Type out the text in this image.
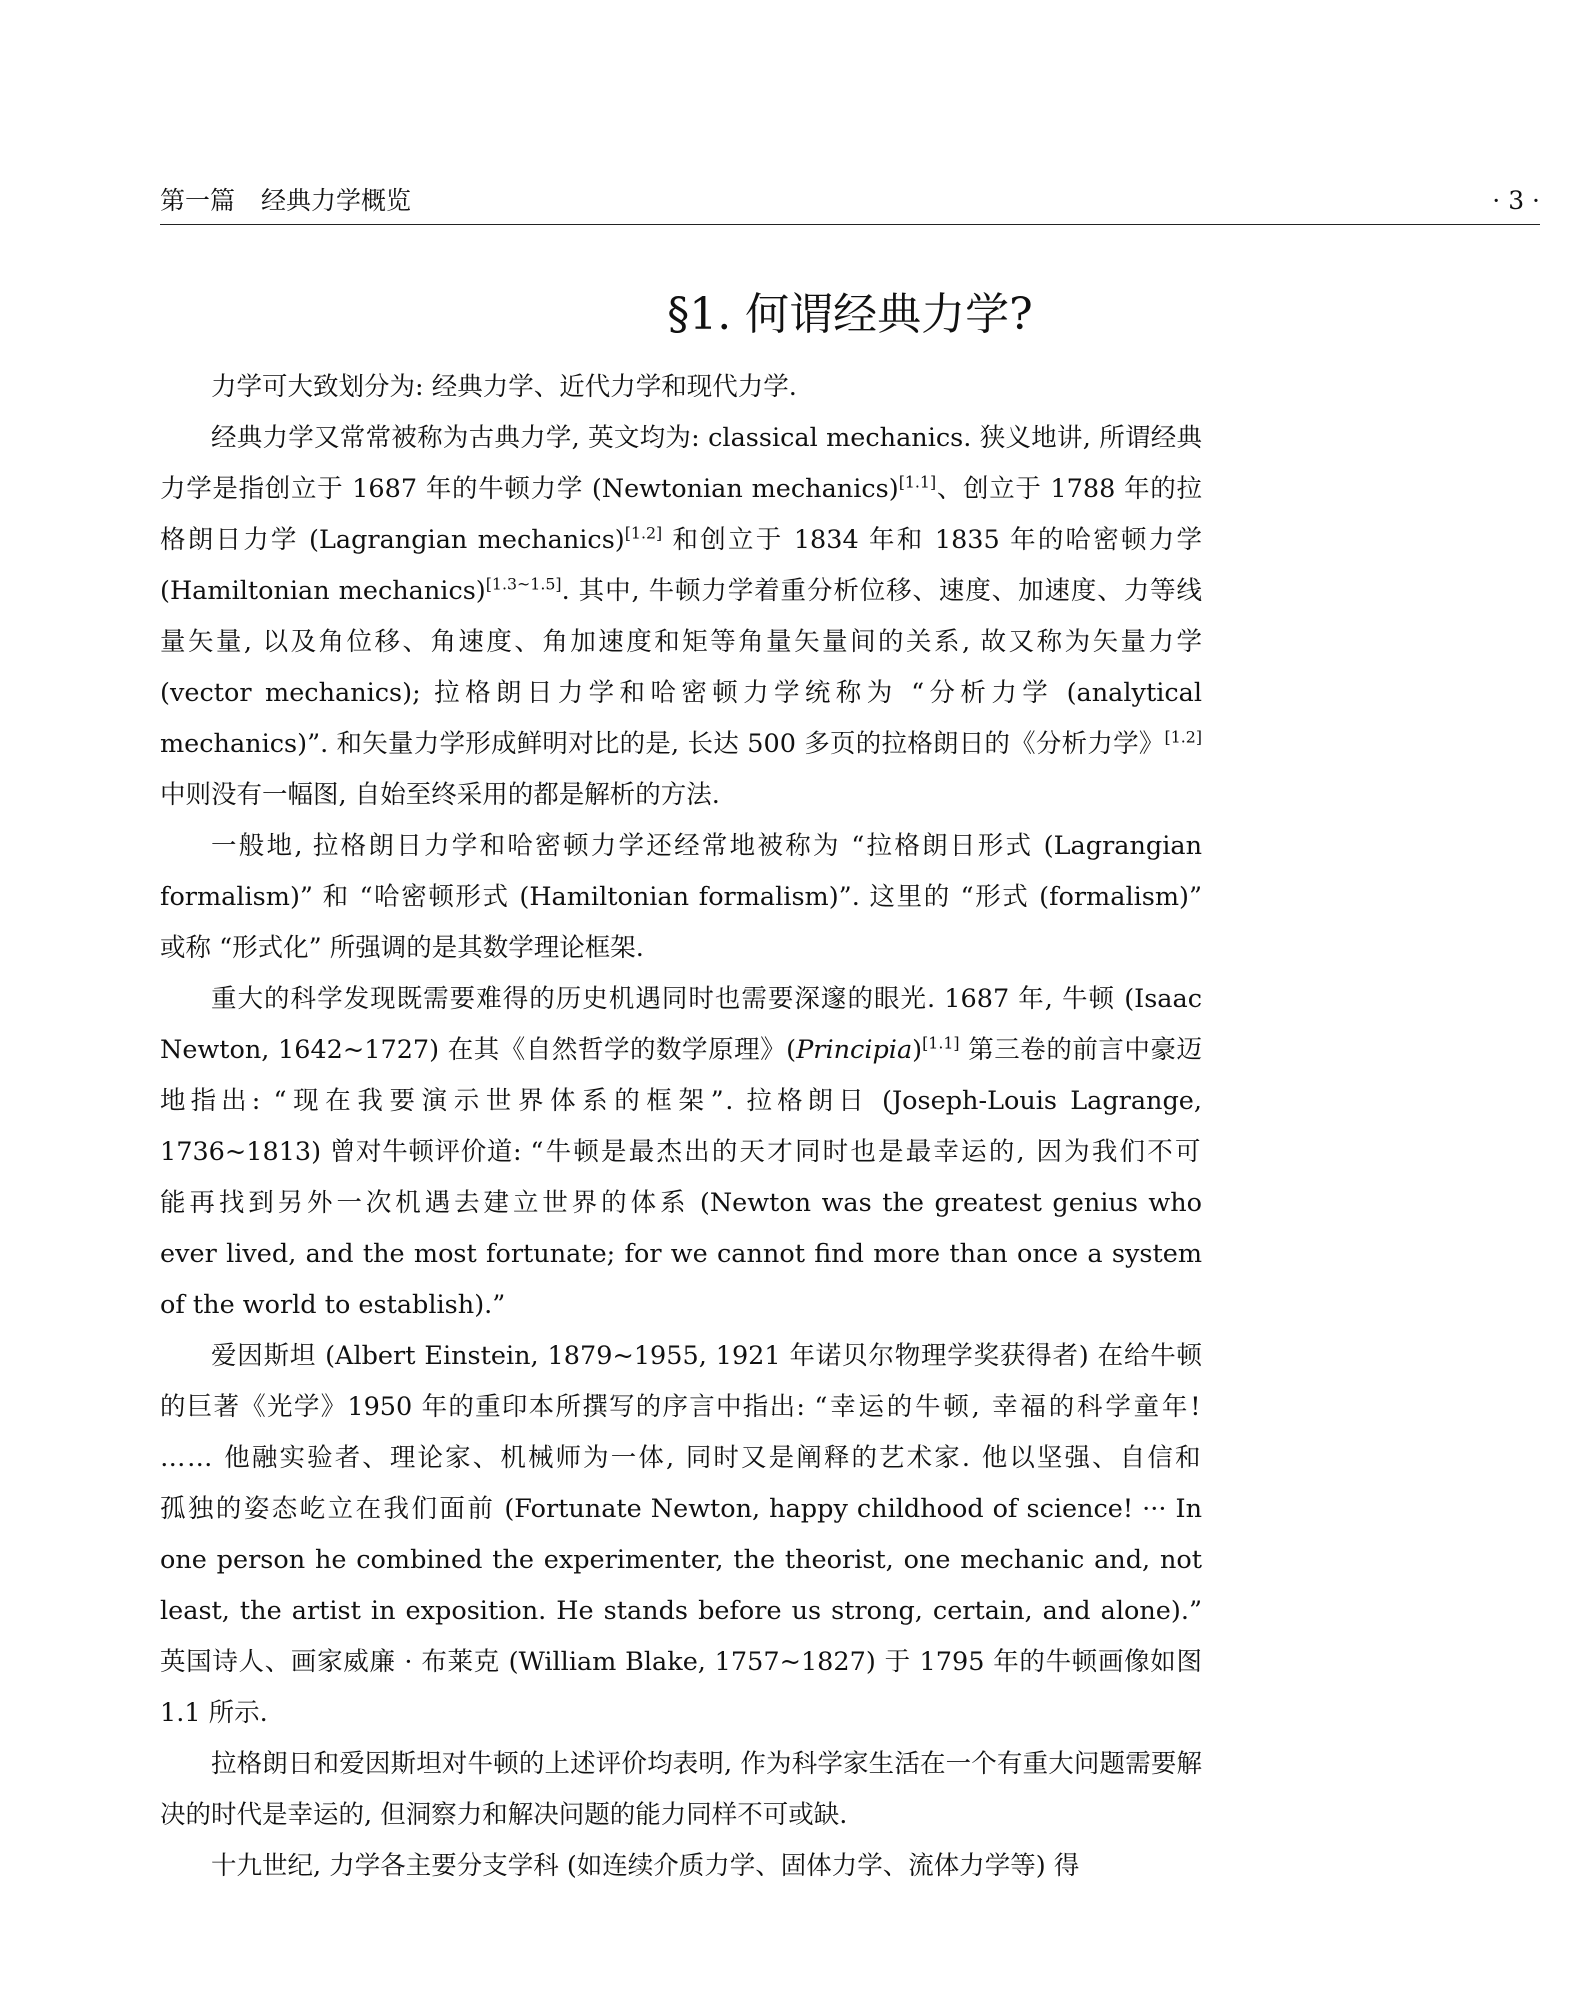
第一篇 经典力学概览	· 3 ·
§1. 何谓经典力学?

力学可大致划分为: 经典力学、近代力学和现代力学.

经典力学又常常被称为古典力学, 英文均为: classical mechanics. 狭义地讲, 所谓经典力学是指创立于 1687 年的牛顿力学 (Newtonian mechanics)[1.1]、创立于 1788 年的拉格朗日力学 (Lagrangian mechanics)[1.2] 和创立于 1834 年和 1835 年的哈密顿力学 (Hamiltonian mechanics)[1.3~1.5]. 其中, 牛顿力学着重分析位移、速度、加速度、力等线量矢量, 以及角位移、角速度、角加速度和矩等角量矢量间的关系, 故又称为矢量力学 (vector mechanics); 拉格朗日力学和哈密顿力学统称为 “分析力学 (analytical mechanics)”. 和矢量力学形成鲜明对比的是, 长达 500 多页的拉格朗日的《分析力学》[1.2] 中则没有一幅图, 自始至终采用的都是解析的方法.

一般地, 拉格朗日力学和哈密顿力学还经常地被称为 “拉格朗日形式 (Lagrangian formalism)” 和 “哈密顿形式 (Hamiltonian formalism)”. 这里的 “形式 (formalism)” 或称 “形式化” 所强调的是其数学理论框架.

重大的科学发现既需要难得的历史机遇同时也需要深邃的眼光. 1687 年, 牛顿 (Isaac Newton, 1642~1727) 在其《自然哲学的数学原理》(Principia)[1.1] 第三卷的前言中豪迈地指出: “现在我要演示世界体系的框架”. 拉格朗日 (Joseph-Louis Lagrange, 1736~1813) 曾对牛顿评价道: “牛顿是最杰出的天才同时也是最幸运的, 因为我们不可能再找到另外一次机遇去建立世界的体系 (Newton was the greatest genius who ever lived, and the most fortunate; for we cannot find more than once a system of the world to establish).”

爱因斯坦 (Albert Einstein, 1879~1955, 1921 年诺贝尔物理学奖获得者) 在给牛顿的巨著《光学》1950 年的重印本所撰写的序言中指出: “幸运的牛顿, 幸福的科学童年! …… 他融实验者、理论家、机械师为一体, 同时又是阐释的艺术家. 他以坚强、自信和孤独的姿态屹立在我们面前 (Fortunate Newton, happy childhood of science! ··· In one person he combined the experimenter, the theorist, one mechanic and, not least, the artist in exposition. He stands before us strong, certain, and alone).” 英国诗人、画家威廉 · 布莱克 (William Blake, 1757~1827) 于 1795 年的牛顿画像如图 1.1 所示.

拉格朗日和爱因斯坦对牛顿的上述评价均表明, 作为科学家生活在一个有重大问题需要解决的时代是幸运的, 但洞察力和解决问题的能力同样不可或缺.

十九世纪, 力学各主要分支学科 (如连续介质力学、固体力学、流体力学等) 得
